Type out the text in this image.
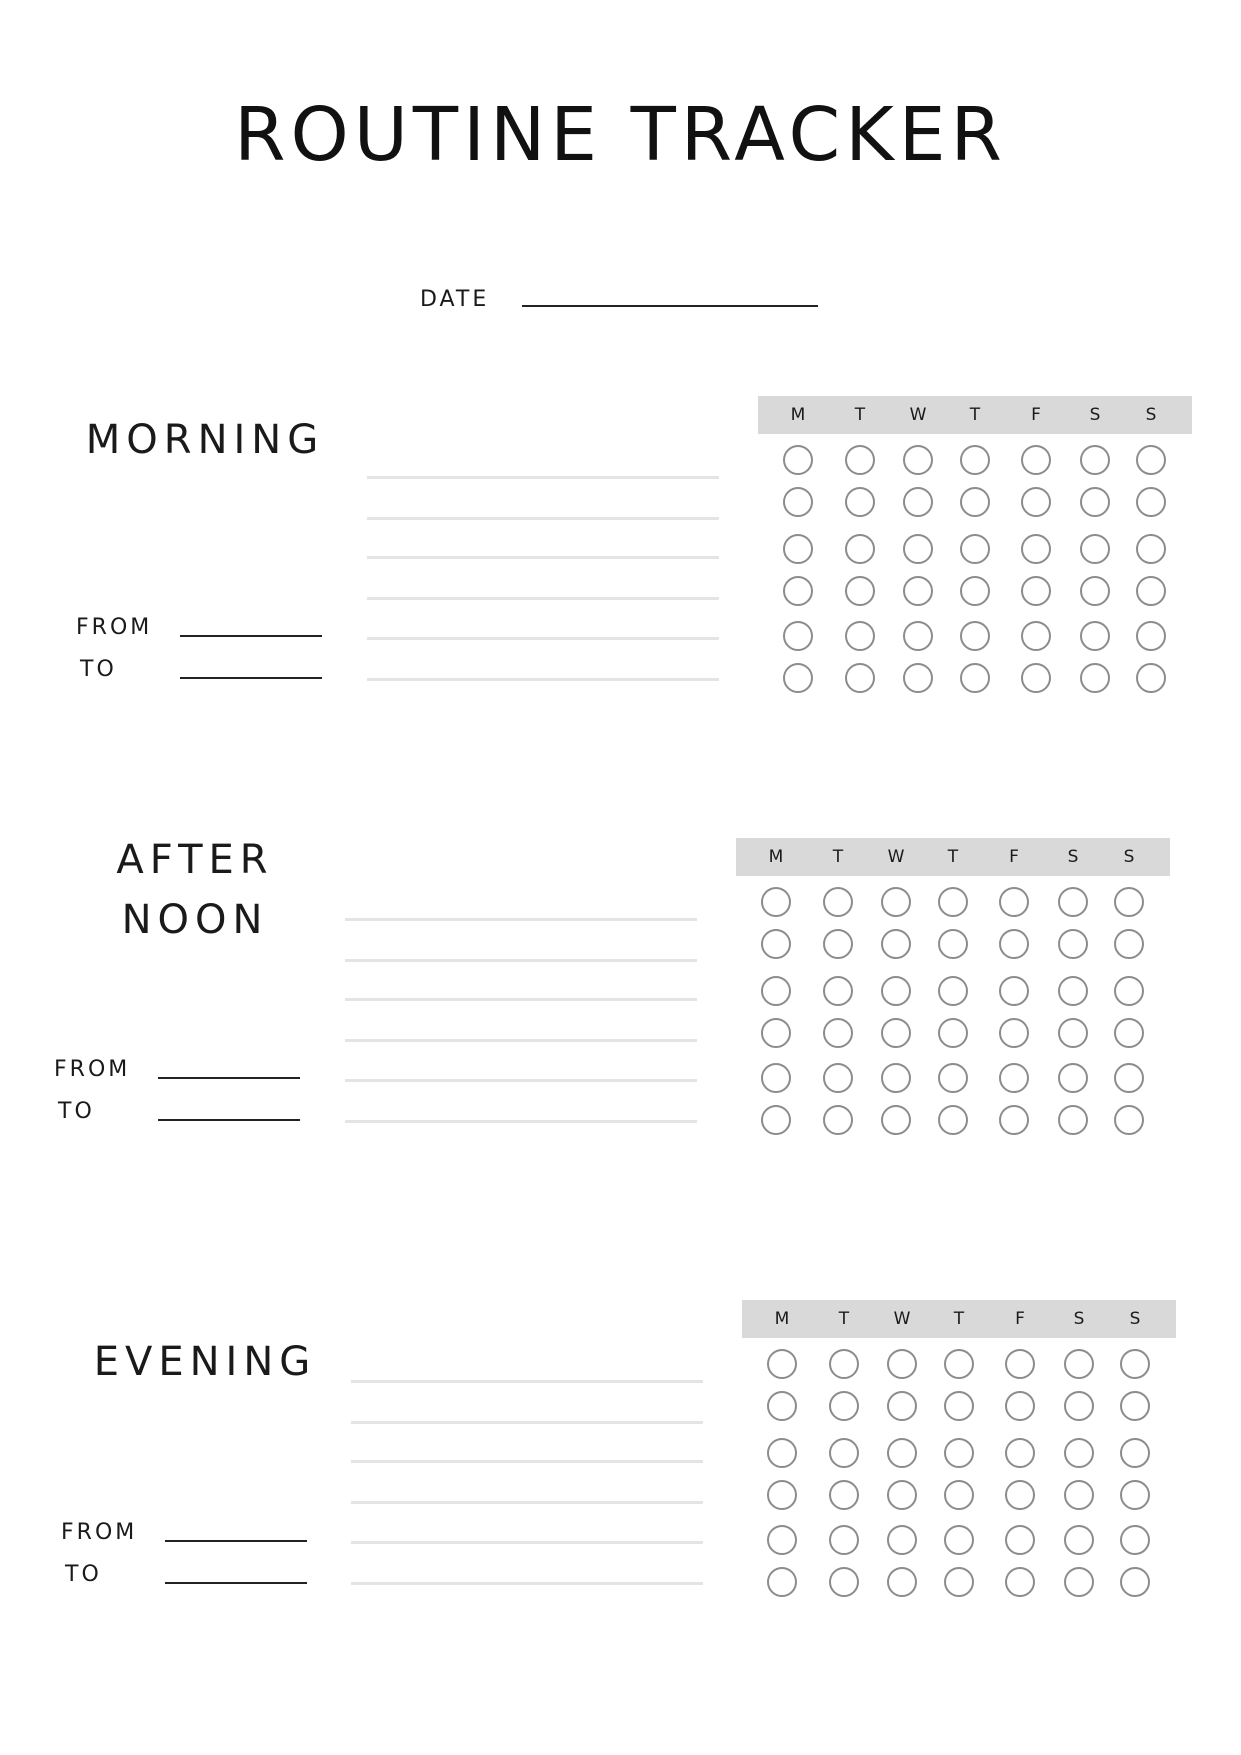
ROUTINE TRACKER
DATE
MORNING
FROM
TO
M	T	W	T	F	S	S
AFTER
NOON
FROM
TO
M	T	W	T	F	S	S
EVENING
FROM
TO
M	T	W	T	F	S	S
